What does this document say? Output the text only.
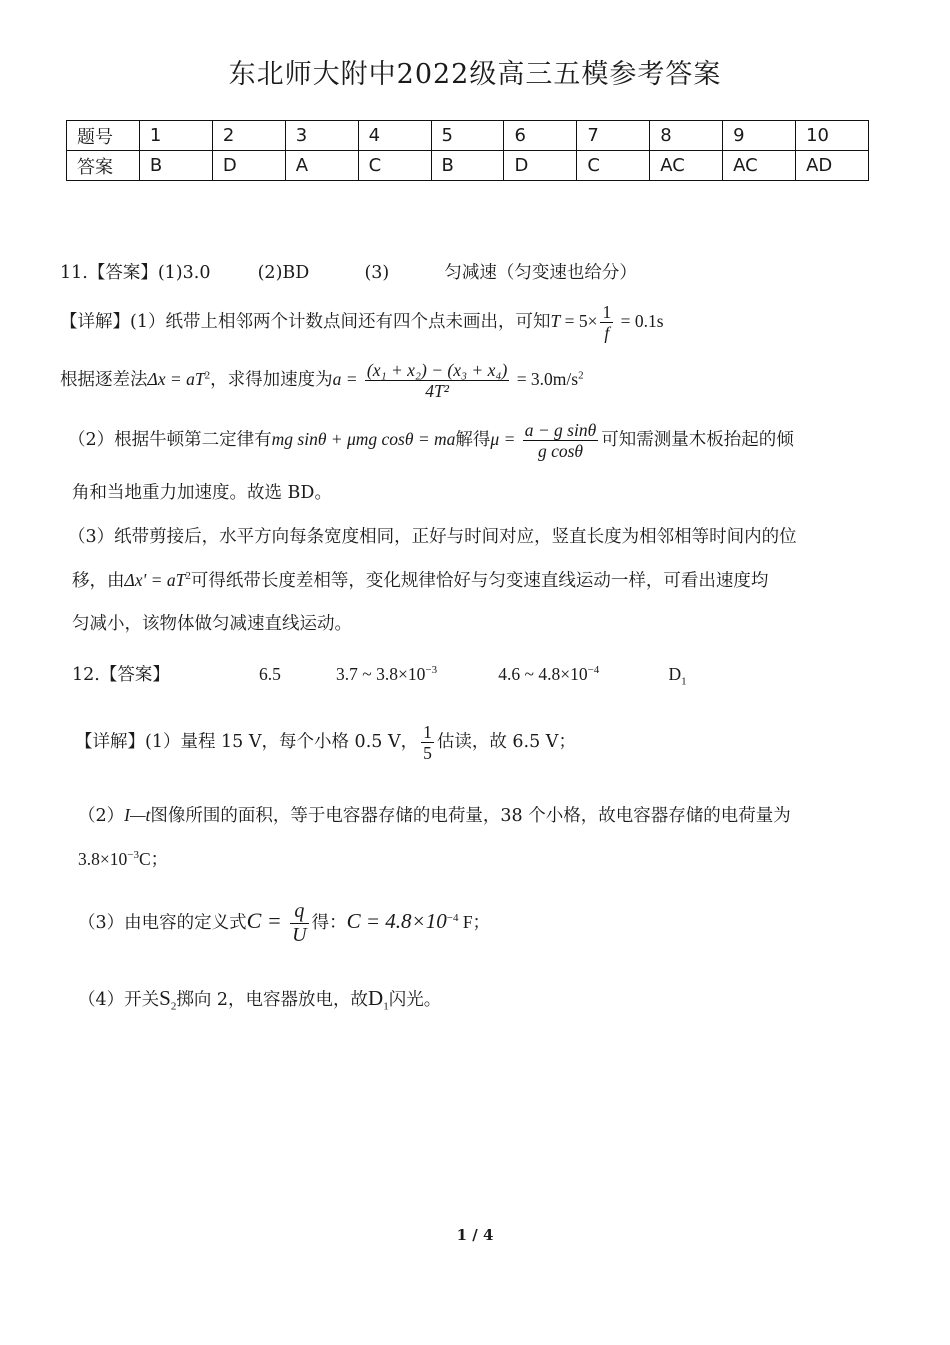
东北师大附中2022级高三五模参考答案
题号	1	2	3	4	5	6	7	8	9	10
答案	B	D	A	C	B	D	C	AC	AC	AD
11.【答案】(1)3.0	(2)BD	(3)	匀减速（匀变速也给分）
【详解】(1）纸带上相邻两个计数点间还有四个点未画出，可知$T = 5\times \frac{1}{f} = 0.1s$
根据逐差法$\Delta x = aT^2$，求得加速度为$a = \frac{\text{(x₁ + x₂) − (x₃ + x₄)}}{\text{4T²}} = 3.0m/s^2$
（2）根据牛顿第二定律有mg sinθ + μmg cosθ = ma解得$\mu = \frac{\text{a − g sinθ}}{\text{g cosθ}}$ 可知需测量木板抬起的倾
角和当地重力加速度。故选 BD。
（3）纸带剪接后，水平方向每条宽度相同，正好与时间对应，竖直长度为相邻相等时间内的位
移，由$\Delta x' = aT^2$可得纸带长度差相等，变化规律恰好与匀变速直线运动一样，可看出速度均
匀减小，该物体做匀减速直线运动。
12.【答案】	6.5	3.7 ~ $3.8\times 10^{-3}$	4.6 ~ $4.8\times 10^{-4}$	$D_1$
【详解】(1）量程 15 V，每个小格 0.5 V， $\frac{1}{5}$ 估读，故 6.5 V；
（2）I—t图像所围的面积，等于电容器存储的电荷量，38 个小格，故电容器存储的电荷量为
$3.8\times 10^{-3}C$；
（3）由电容的定义式$C = \frac{q}{U}$ 得：$C = 4.8\times 10^{-4}$ F；
（4）开关$S_2$掷向 2，电容器放电，故$D_1$闪光。
1 / 4
